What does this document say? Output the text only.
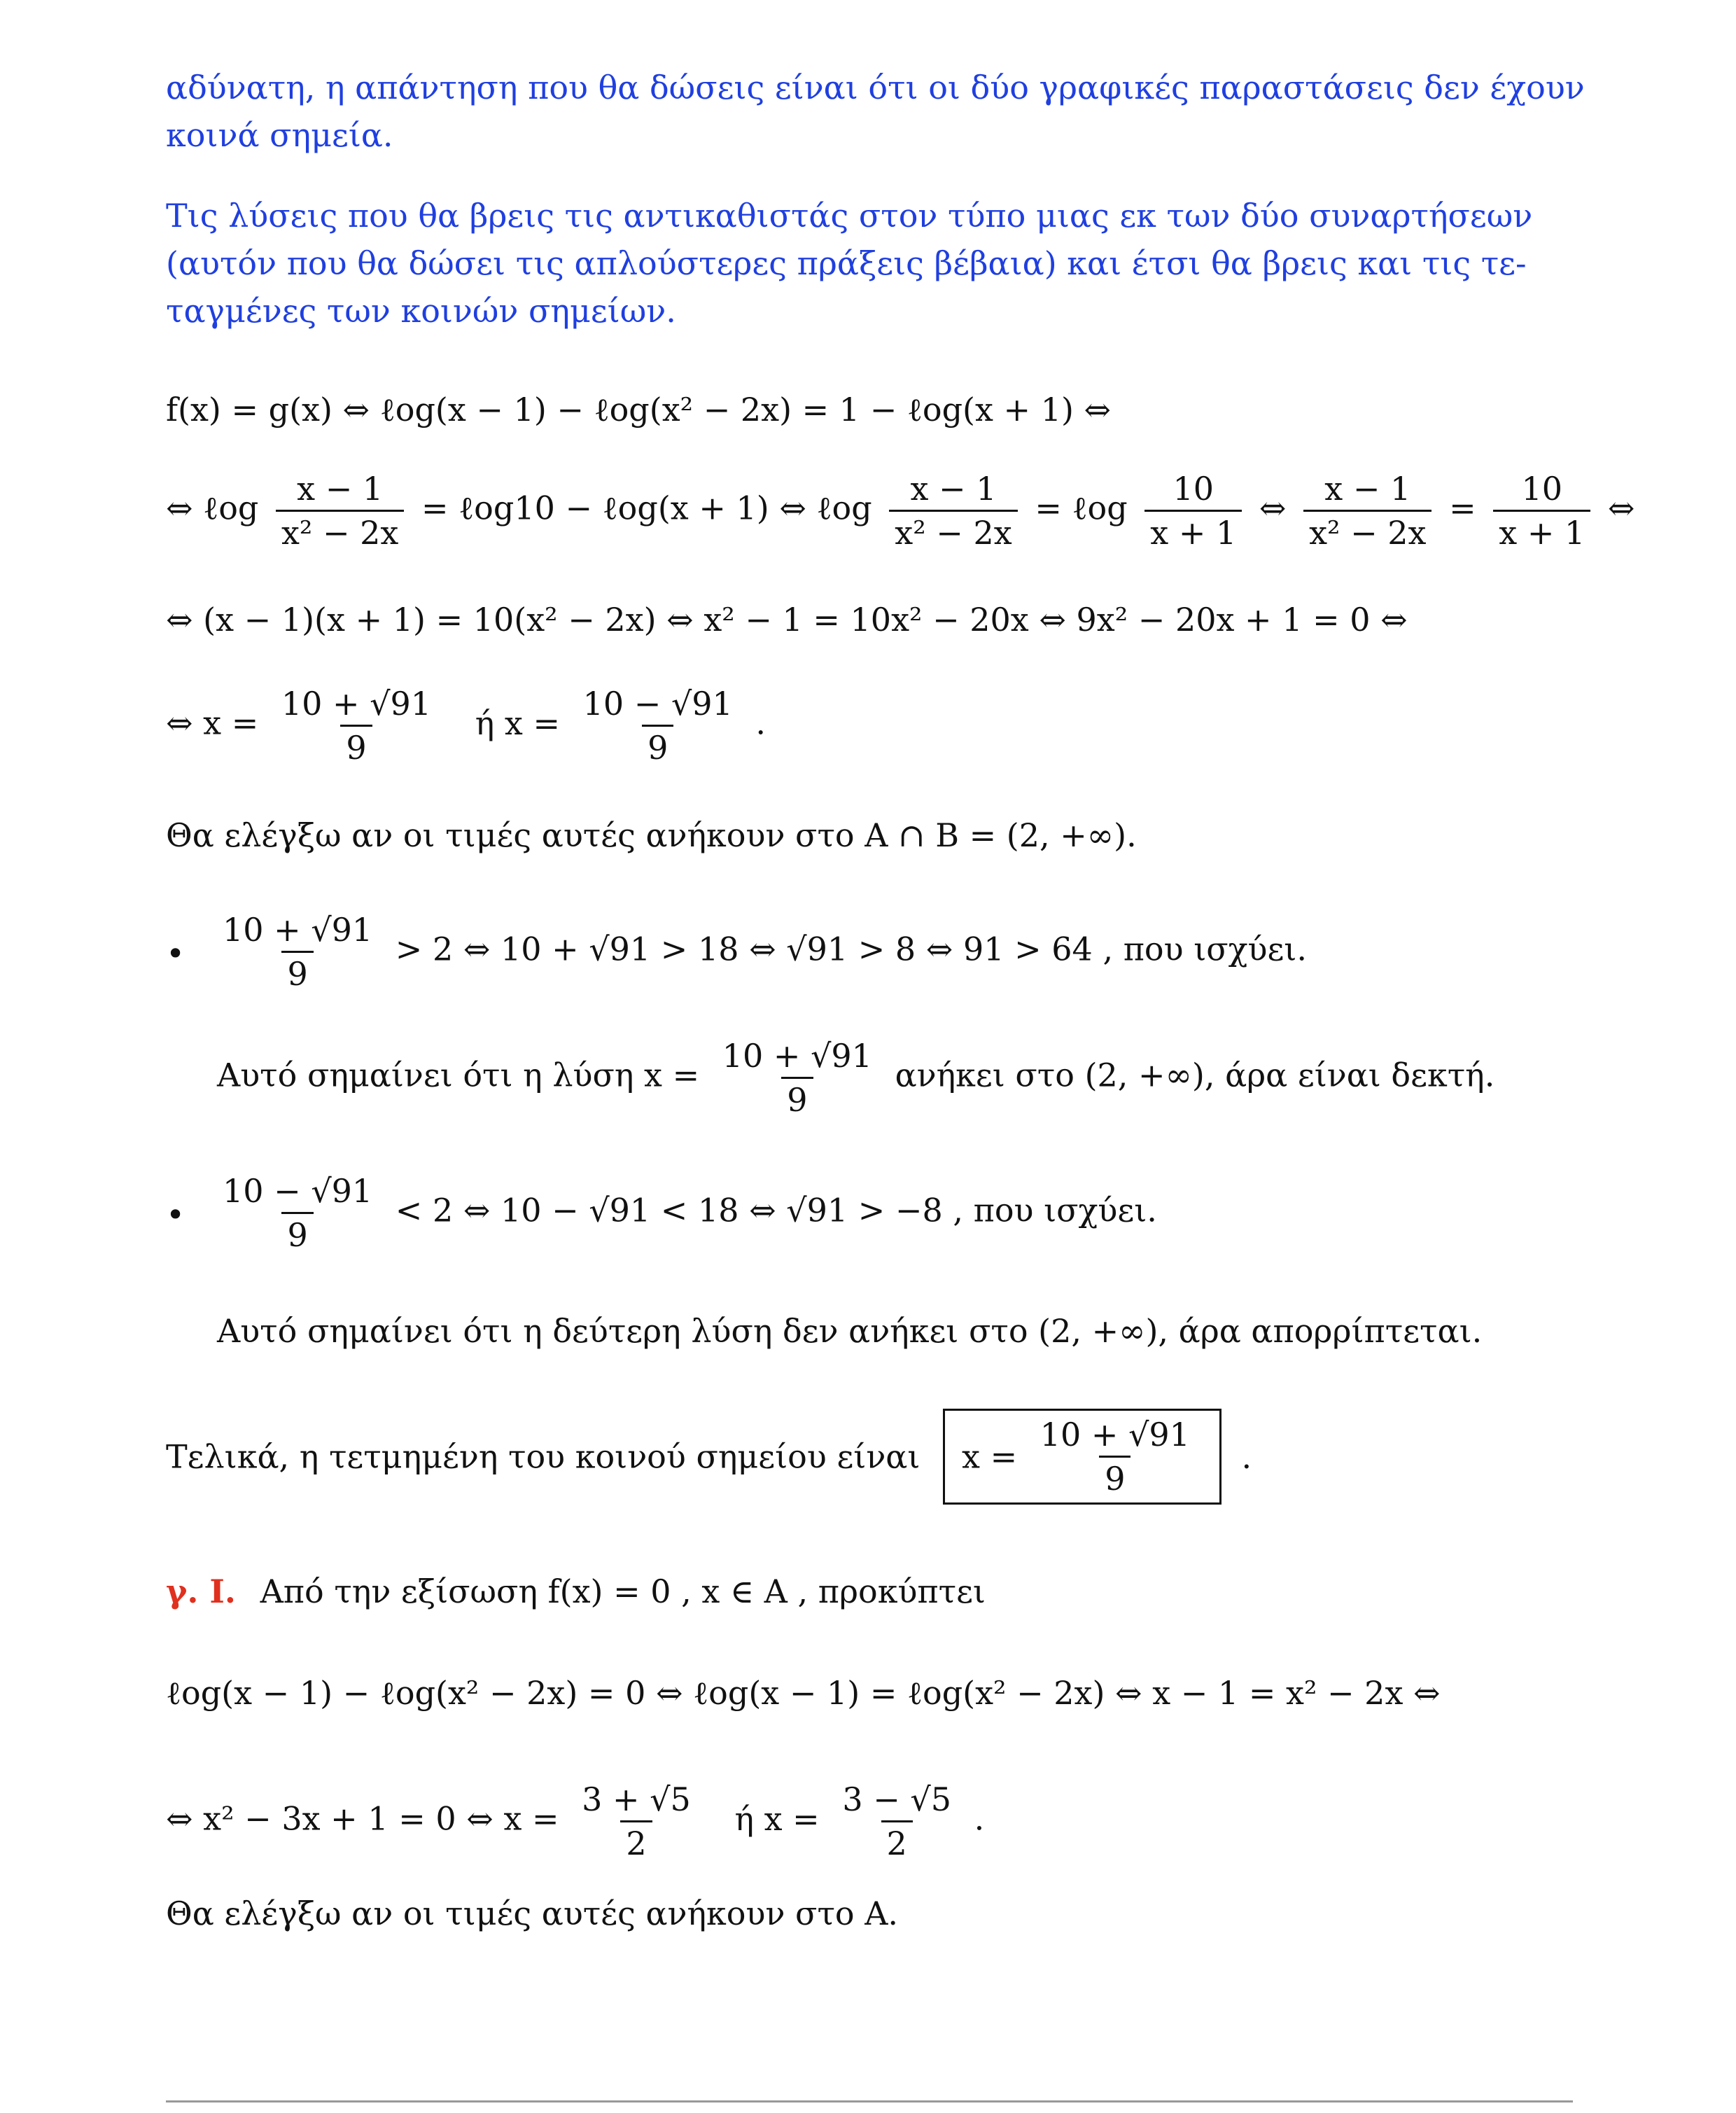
αδύνατη, η απάντηση που θα δώσεις είναι ότι οι δύο γραφικές παραστάσεις δεν έχουν
κοινά σημεία.
Τις λύσεις που θα βρεις τις αντικαθιστάς στον τύπο μιας εκ των δύο συναρτήσεων
(αυτόν που θα δώσει τις απλούστερες πράξεις βέβαια) και έτσι θα βρεις και τις τε-
ταγμένες των κοινών σημείων.
f(x) = g(x) ⇔ ℓog(x − 1) − ℓog(x² − 2x) = 1 − ℓog(x + 1) ⇔
⇔ ℓog $\frac{x - 1}{\text{x² − 2x}}$ = ℓog10 − ℓog(x + 1) ⇔ ℓog $\frac{x - 1}{\text{x² − 2x}}$ = ℓog $\frac{10}{x + 1}$ ⇔ $\frac{x - 1}{\text{x² − 2x}} = \frac{10}{x + 1}$ ⇔
⇔ (x − 1)(x + 1) = 10(x² − 2x) ⇔ x² − 1 = 10x² − 20x ⇔ 9x² − 20x + 1 = 0 ⇔
⇔ $x = \frac{10 + √91}{9}$ ή $x = \frac{10 - √91}{9}$ .
Θα ελέγξω αν οι τιμές αυτές ανήκουν στο A ∩ B = (2, +∞).
• $\frac{10 + √91}{9} > 2$ ⇔ 10 + √91 > 18 ⇔ √91 > 8 ⇔ 91 > 64 , που ισχύει.
Αυτό σημαίνει ότι η λύση $x = \frac{10 + √91}{9}$ ανήκει στο (2, +∞), άρα είναι δεκτή.
• $\frac{10 - √91}{9} < 2$ ⇔ 10 − √91 < 18 ⇔ √91 > −8 , που ισχύει.
Αυτό σημαίνει ότι η δεύτερη λύση δεν ανήκει στο (2, +∞), άρα απορρίπτεται.
Τελικά, η τετμημένη του κοινού σημείου είναι $x = \frac{10 + √91}{9}$ .
γ. Ι. Από την εξίσωση f(x) = 0 , x ∈ A , προκύπτει
ℓog(x − 1) − ℓog(x² − 2x) = 0 ⇔ ℓog(x − 1) = ℓog(x² − 2x) ⇔ x − 1 = x² − 2x ⇔
⇔ x² − 3x + 1 = 0 ⇔ $x = \frac{3 + √5}{2}$ ή $x = \frac{3 - √5}{2}$ .
Θα ελέγξω αν οι τιμές αυτές ανήκουν στο A.
